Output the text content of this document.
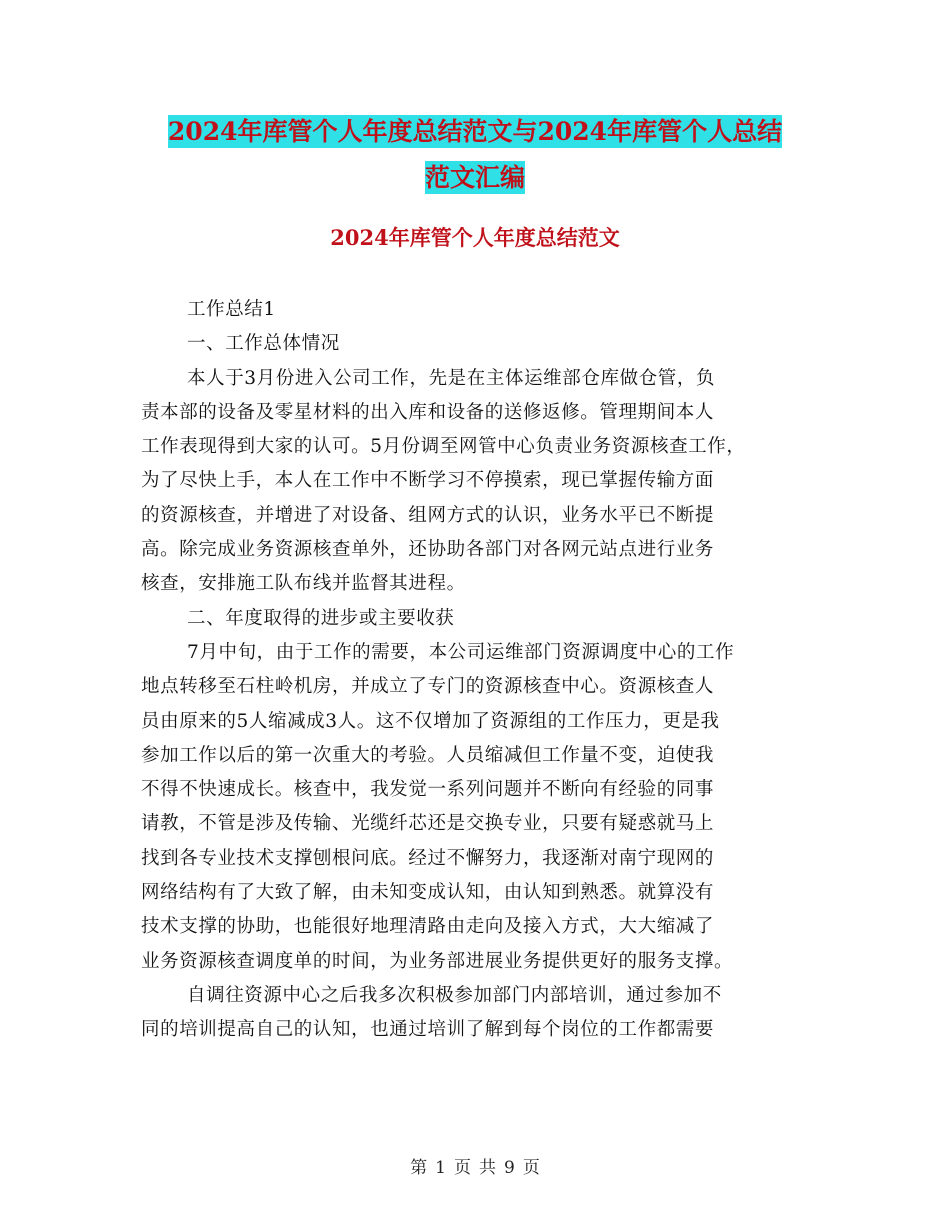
2024年库管个人年度总结范文与2024年库管个人总结
范文汇编
2024年库管个人年度总结范文
工作总结1
一、工作总体情况
本人于3月份进入公司工作，先是在主体运维部仓库做仓管，负
责本部的设备及零星材料的出入库和设备的送修返修。管理期间本人
工作表现得到大家的认可。5月份调至网管中心负责业务资源核查工作，
为了尽快上手，本人在工作中不断学习不停摸索，现已掌握传输方面
的资源核查，并增进了对设备、组网方式的认识，业务水平已不断提
高。除完成业务资源核查单外，还协助各部门对各网元站点进行业务
核查，安排施工队布线并监督其进程。
二、年度取得的进步或主要收获
7月中旬，由于工作的需要，本公司运维部门资源调度中心的工作
地点转移至石柱岭机房，并成立了专门的资源核查中心。资源核查人
员由原来的5人缩减成3人。这不仅增加了资源组的工作压力，更是我
参加工作以后的第一次重大的考验。人员缩减但工作量不变，迫使我
不得不快速成长。核查中，我发觉一系列问题并不断向有经验的同事
请教，不管是涉及传输、光缆纤芯还是交换专业，只要有疑惑就马上
找到各专业技术支撑刨根问底。经过不懈努力，我逐渐对南宁现网的
网络结构有了大致了解，由未知变成认知，由认知到熟悉。就算没有
技术支撑的协助，也能很好地理清路由走向及接入方式，大大缩减了
业务资源核查调度单的时间，为业务部进展业务提供更好的服务支撑。
自调往资源中心之后我多次积极参加部门内部培训，通过参加不
同的培训提高自己的认知，也通过培训了解到每个岗位的工作都需要
第 1 页 共 9 页
